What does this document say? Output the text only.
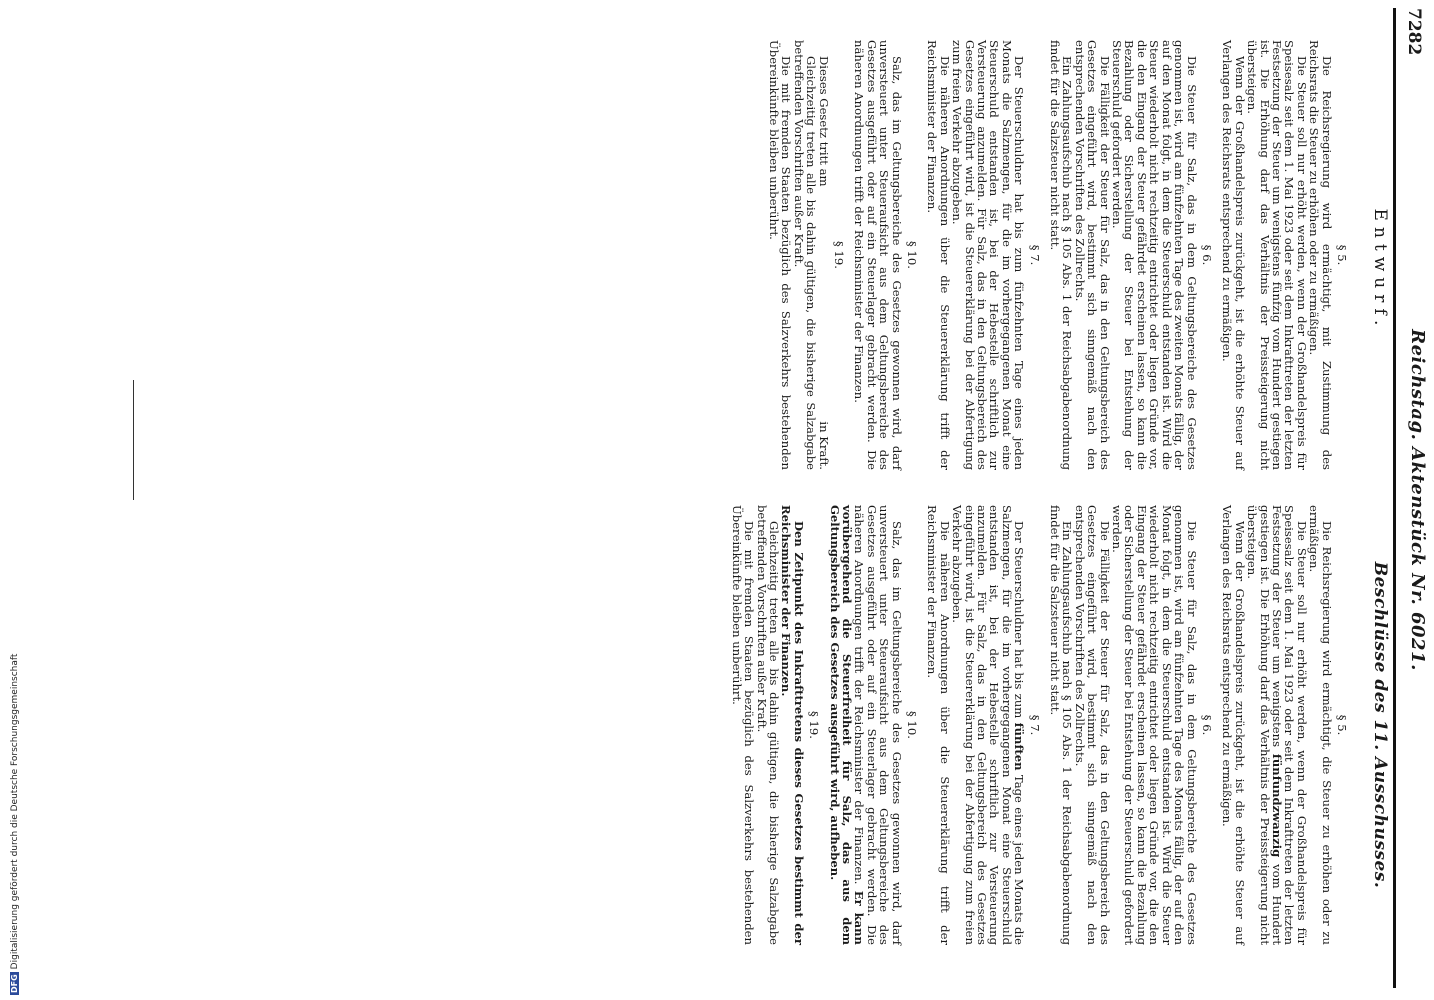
7282
Reichstag. Aktenstück Nr. 6021.
Entwurf.
Beschlüsse des 11. Ausschusses.
§ 5.

Die Reichsregierung wird ermächtigt, mit Zustimmung des Reichsrats die Steuer zu erhöhen oder zu ermäßigen.

Die Steuer soll nur erhöht werden, wenn der Großhandelspreis für Speisesalz seit dem 1. Mai 1923 oder seit dem Inkrafttreten der letzten Festsetzung der Steuer um wenigstens fünfzig vom Hundert gestiegen ist. Die Erhöhung darf das Verhältnis der Preissteigerung nicht übersteigen.

Wenn der Großhandelspreis zurückgeht, ist die erhöhte Steuer auf Verlangen des Reichsrats entsprechend zu ermäßigen.

§ 6.

Die Steuer für Salz, das in dem Geltungsbereiche des Gesetzes genommen ist, wird am fünfzehnten Tage des zweiten Monats fällig, der auf den Monat folgt, in dem die Steuerschuld entstanden ist. Wird die Steuer wiederholt nicht rechtzeitig entrichtet oder liegen Gründe vor, die den Eingang der Steuer gefährdet erscheinen lassen, so kann die Bezahlung oder Sicherstellung der Steuer bei Entstehung der Steuerschuld gefordert werden.

Die Fälligkeit der Steuer für Salz, das in den Geltungsbereich des Gesetzes eingeführt wird, bestimmt sich sinngemäß nach den entsprechenden Vorschriften des Zollrechts.

Ein Zahlungsaufschub nach § 105 Abs. 1 der Reichsabgabenordnung findet für die Salzsteuer nicht statt.

§ 7.

Der Steuerschuldner hat bis zum fünfzehnten Tage eines jeden Monats die Salzmengen, für die im vorhergegangenen Monat eine Steuerschuld entstanden ist, bei der Hebestelle schriftlich zur Versteuerung anzumelden. Für Salz, das in den Geltungsbereich des Gesetzes eingeführt wird, ist die Steuererklärung bei der Abfertigung zum freien Verkehr abzugeben.

Die näheren Anordnungen über die Steuererklärung trifft der Reichsminister der Finanzen.

§ 10.

Salz, das im Geltungsbereiche des Gesetzes gewonnen wird, darf unversteuert unter Steueraufsicht aus dem Geltungsbereiche des Gesetzes ausgeführt oder auf ein Steuerlager gebracht werden. Die näheren Anordnungen trifft der Reichsminister der Finanzen.

§ 19.

Dieses Gesetz tritt am
in Kraft.

Gleichzeitig treten alle bis dahin gültigen, die bisherige Salzabgabe betreffenden Vorschriften außer Kraft.

Die mit fremden Staaten bezüglich des Salzverkehrs bestehenden Übereinkünfte bleiben unberührt.

§ 5.

Die Reichsregierung wird ermächtigt, die Steuer zu erhöhen oder zu ermäßigen.

Die Steuer soll nur erhöht werden, wenn der Großhandelspreis für Speisesalz seit dem 1. Mai 1923 oder seit dem Inkrafttreten der letzten Festsetzung der Steuer um wenigstens fünfundzwanzig vom Hundert gestiegen ist. Die Erhöhung darf das Verhältnis der Preissteigerung nicht übersteigen.

Wenn der Großhandelspreis zurückgeht, ist die erhöhte Steuer auf Verlangen des Reichsrats entsprechend zu ermäßigen.

§ 6.

Die Steuer für Salz, das in dem Geltungsbereiche des Gesetzes genommen ist, wird am fünfzehnten Tage des Monats fällig, der auf den Monat folgt, in dem die Steuerschuld entstanden ist. Wird die Steuer wiederholt nicht rechtzeitig entrichtet oder liegen Gründe vor, die den Eingang der Steuer gefährdet erscheinen lassen, so kann die Bezahlung oder Sicherstellung der Steuer bei Entstehung der Steuerschuld gefordert werden.

Die Fälligkeit der Steuer für Salz, das in den Geltungsbereich des Gesetzes eingeführt wird, bestimmt sich sinngemäß nach den entsprechenden Vorschriften des Zollrechts.

Ein Zahlungsaufschub nach § 105 Abs. 1 der Reichsabgabenordnung findet für die Salzsteuer nicht statt.

§ 7.

Der Steuerschuldner hat bis zum fünften Tage eines jeden Monats die Salzmengen, für die im vorhergegangenen Monat eine Steuerschuld entstanden ist, bei der Hebestelle schriftlich zur Versteuerung anzumelden. Für Salz, das in den Geltungsbereich des Gesetzes eingeführt wird, ist die Steuererklärung bei der Abfertigung zum freien Verkehr abzugeben.

Die näheren Anordnungen über die Steuererklärung trifft der Reichsminister der Finanzen.

§ 10.

Salz, das im Geltungsbereiche des Gesetzes gewonnen wird, darf unversteuert unter Steueraufsicht aus dem Geltungsbereiche des Gesetzes ausgeführt oder auf ein Steuerlager gebracht werden. Die näheren Anordnungen trifft der Reichsminister der Finanzen. Er kann vorübergehend die Steuerfreiheit für Salz, das aus dem Geltungsbereich des Gesetzes ausgeführt wird, aufheben.

§ 19.

Den Zeitpunkt des Inkrafttretens dieses Gesetzes bestimmt der Reichsminister der Finanzen.

Gleichzeitig treten alle bis dahin gültigen, die bisherige Salzabgabe betreffenden Vorschriften außer Kraft.

Die mit fremden Staaten bezüglich des Salzverkehrs bestehenden Übereinkünfte bleiben unberührt.

DFGDigitalisierung gefördert durch die Deutsche Forschungsgemeinschaft
